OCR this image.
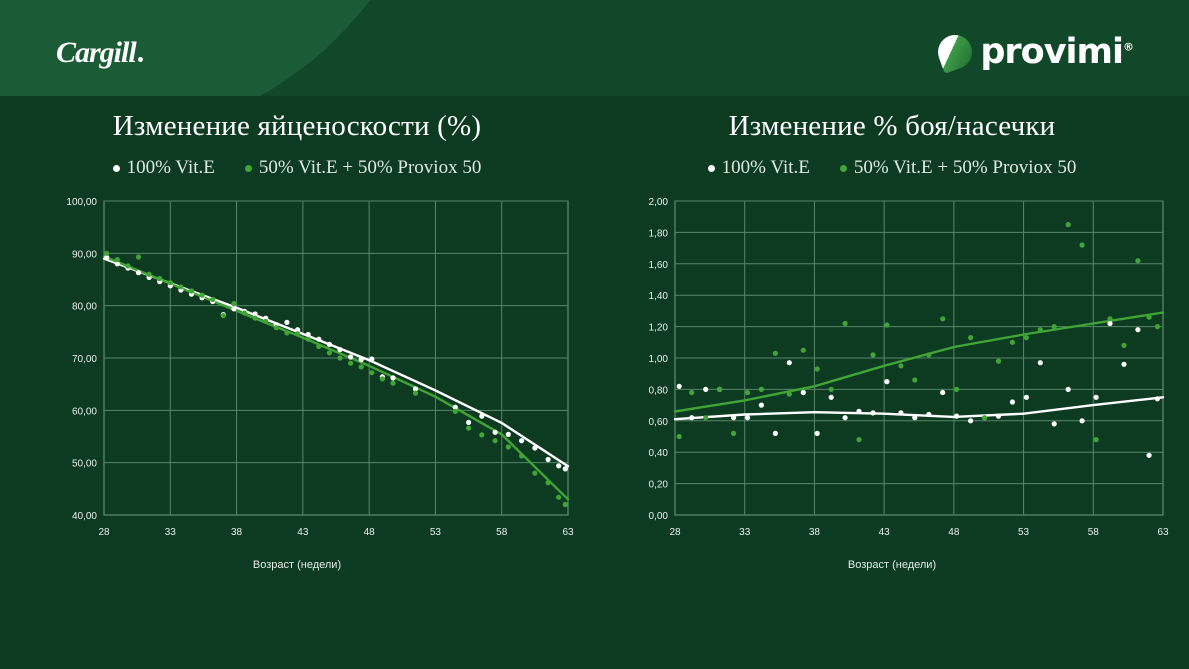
Cargill	provimi®
Изменение яйценоскости (%)
100% Vit.E 50% Vit.E + 50% Proviox 50
40,00
50,00
60,00
70,00
80,00
90,00
100,00
28	33	38	43	48	53	58	63
Возраст (недели)
Изменение % боя/насечки
100% Vit.E 50% Vit.E + 50% Proviox 50
0,00
0,20
0,40
0,60
0,80
1,00
1,20
1,40
1,60
1,80
2,00
28	33	38	43	48	53	58	63
Возраст (недели)
